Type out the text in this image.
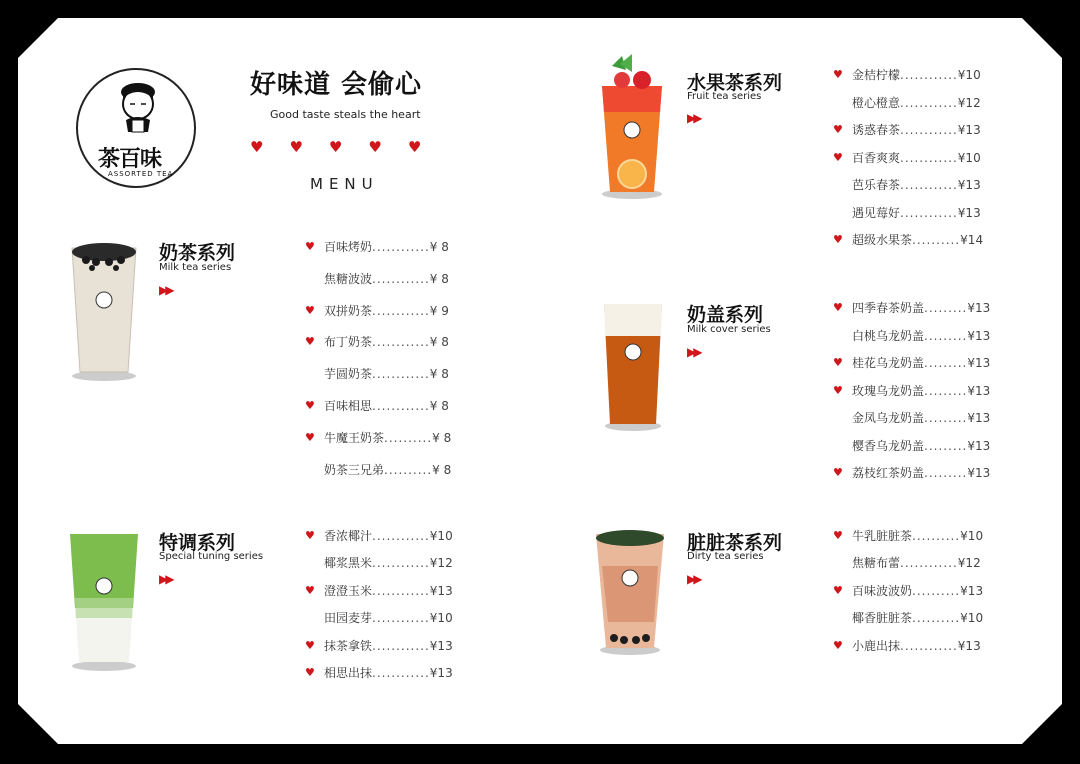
茶百味
ASSORTED TEA
好味道 会偷心
Good taste steals the heart
♥ ♥ ♥ ♥ ♥
MENU
奶茶系列
Milk tea series
▶▶
特调系列
Special tuning series
▶▶
水果茶系列
Fruit tea series
▶▶
奶盖系列
Milk cover series
▶▶
脏脏茶系列
Dirty tea series
▶▶
♥ 百味烤奶............¥ 8
焦糖波波............¥ 8
♥ 双拼奶茶............¥ 9
♥ 布丁奶茶............¥ 8
芋圆奶茶............¥ 8
♥ 百味相思............¥ 8
♥ 牛魔王奶茶..........¥ 8
奶茶三兄弟..........¥ 8
♥ 香浓椰汁............¥10
椰浆黑米............¥12
♥ 澄澄玉米............¥13
田园麦芽............¥10
♥ 抹茶拿铁............¥13
♥ 相思出抹............¥13
♥ 金桔柠檬............¥10
橙心橙意............¥12
♥ 诱惑春茶............¥13
♥ 百香爽爽............¥10
芭乐春茶............¥13
遇见莓好............¥13
♥ 超级水果茶..........¥14
♥ 四季春茶奶盖.........¥13
白桃乌龙奶盖.........¥13
♥ 桂花乌龙奶盖.........¥13
♥ 玫瑰乌龙奶盖.........¥13
金凤乌龙奶盖.........¥13
樱香乌龙奶盖.........¥13
♥ 荔枝红茶奶盖.........¥13
♥ 牛乳脏脏茶..........¥10
焦糖布蕾............¥12
♥ 百味波波奶..........¥13
椰香脏脏茶..........¥10
♥ 小鹿出抹............¥13
